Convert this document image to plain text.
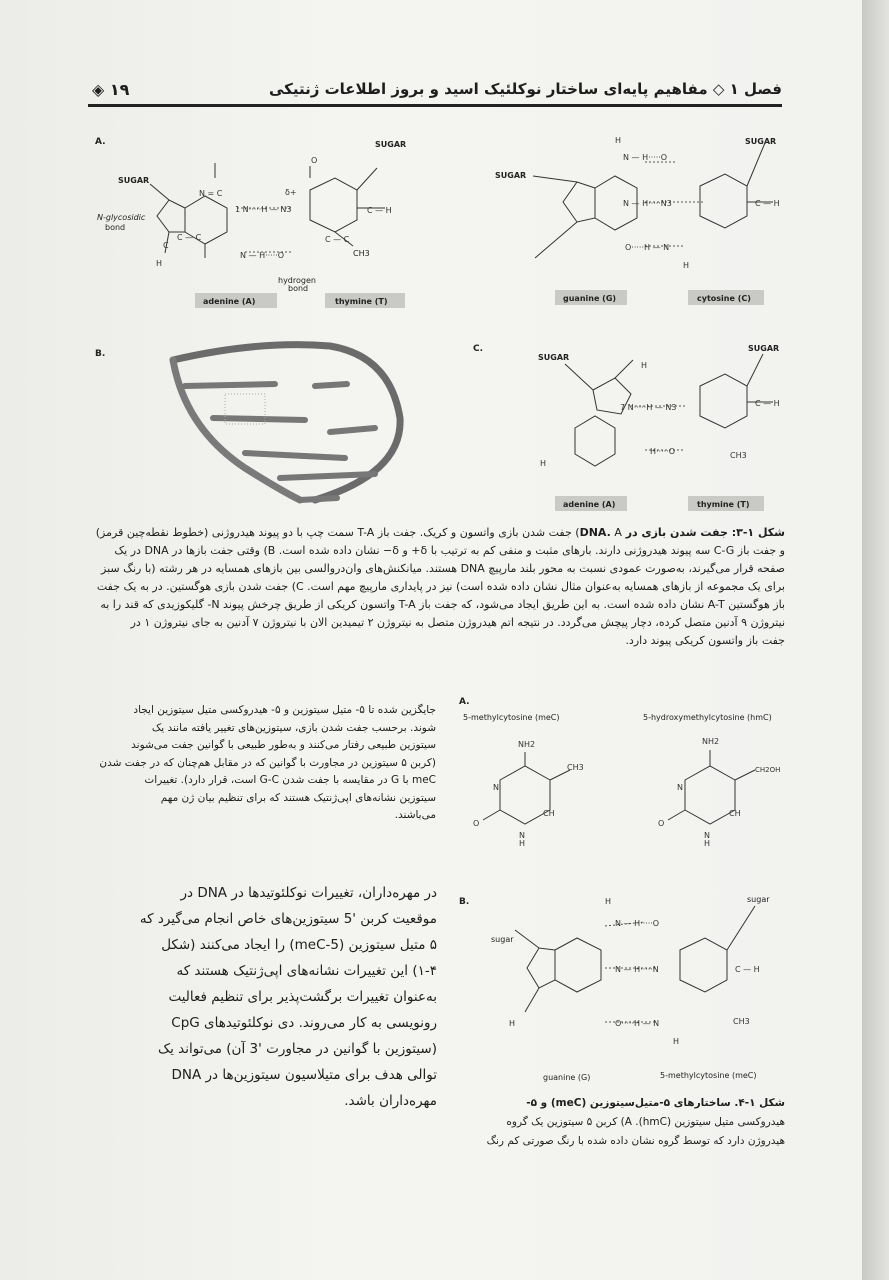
فصل ۱ ◇ مفاهیم پایه‌ای ساختار نوکلئیک اسید و بروز اطلاعات ژنتیکی
۱۹ ◈
A.
SUGAR
N-glycosidic
bond
hydrogen
bond
SUGAR
CH3
N = C
1 N·····H — N3
δ+
O
N — H·····O
C — C
C
H
C — H
C — C
adenine (A)	thymine (T)
SUGAR
SUGAR
H
N — H·····O
N — H·····N3
O·····H — N
H
C — H
guanine (G)	cytosine (C)
B.	C.
SUGAR
SUGAR
H
7 N·····H — N3
H·····O
H
C — H
CH3
adenine (A)	thymine (T)
شکل ۱-۳: جفت شدن بازی در DNA. A) جفت شدن بازی واتسون و کریک. جفت باز T-A سمت چپ با دو پیوند هیدروژنی (خطوط نقطه‌چین قرمز)
و جفت باز C-G سه پیوند هیدروژنی دارند. بارهای مثبت و منفی کم به ترتیب با δ+ و δ− نشان داده شده است. B) وقتی جفت بازها در DNA در یک
صفحه قرار می‌گیرند، به‌صورت عمودی نسبت به محور بلند مارپیچ DNA هستند. میانکنش‌های وان‌دروالسی بین بازهای همسایه در هر رشته (با رنگ سبز
برای یک مجموعه از بازهای همسایه به‌عنوان مثال نشان داده شده است) نیز در پایداری مارپیچ مهم است. C) جفت شدن بازی هوگستین. در به یک جفت
باز هوگستین A-T نشان داده شده است. به این طریق ایجاد می‌شود، که جفت باز T-A واتسون کریکی از طریق چرخش پیوند N- گلیکوزیدی که قند را به
نیتروژن ۹ آدنین متصل کرده، دچار پیچش می‌گردد. در نتیجه اتم هیدروژن متصل به نیتروژن ۲ تیمیدین الان با نیتروژن ۷ آدنین به جای نیتروژن ۱ در
جفت باز واتسون کریکی پیوند دارد.
جایگزین شده تا ۵- متیل سیتوزین و ۵- هیدروکسی متیل سیتوزین ایجاد
شوند. برحسب جفت شدن بازی، سیتوزین‌های تغییر یافته مانند یک
سیتوزین طبیعی رفتار می‌کنند و به‌طور طبیعی با گوانین جفت می‌شوند
(کربن ۵ سیتوزین در مجاورت با گوانین که در مقابل هم‌چنان که در جفت شدن
meC با G در مقایسه با جفت شدن G-C است، قرار دارد). تغییرات
سیتوزین نشانه‌های اپی‌ژنتیک هستند که برای تنظیم بیان ژن مهم
می‌باشند.
در مهره‌داران، تغییرات نوکلئوتیدها در DNA در
موقعیت کربن '5 سیتوزین‌های خاص انجام می‌گیرد که
۵ متیل سیتوزین (5-meC) را ایجاد می‌کنند (شکل
۱-۴) این تغییرات نشانه‌های اپی‌ژنتیک هستند که
به‌عنوان تغییرات برگشت‌پذیر برای تنظیم فعالیت
رونویسی به کار می‌روند. دی نوکلئوتیدهای CpG
(سیتوزین با گوانین در مجاورت '3 آن) می‌تواند یک
توالی هدف برای متیلاسیون سیتوزین‌ها در DNA
مهره‌داران باشد.
A.
5-methylcytosine (meC)	5-hydroxymethylcytosine (hmC)
NH2	NH2
CH2OH
CH3
N
CH
O
N
H
N
CH
O
N
H
B.
sugar
sugar
H
N — H·····O
N — H·····N
O·····H — N
H
C — H
CH3
H
guanine (G)	5-methylcytosine (meC)
شکل ۱-۴. ساختارهای ۵-متیل‌سیتوزین (meC) و ۵-
هیدروکسی متیل سیتوزین (hmC). A) کربن ۵ سیتوزین یک گروه
هیدروژن دارد که توسط گروه نشان داده شده با رنگ صورتی کم رنگ
